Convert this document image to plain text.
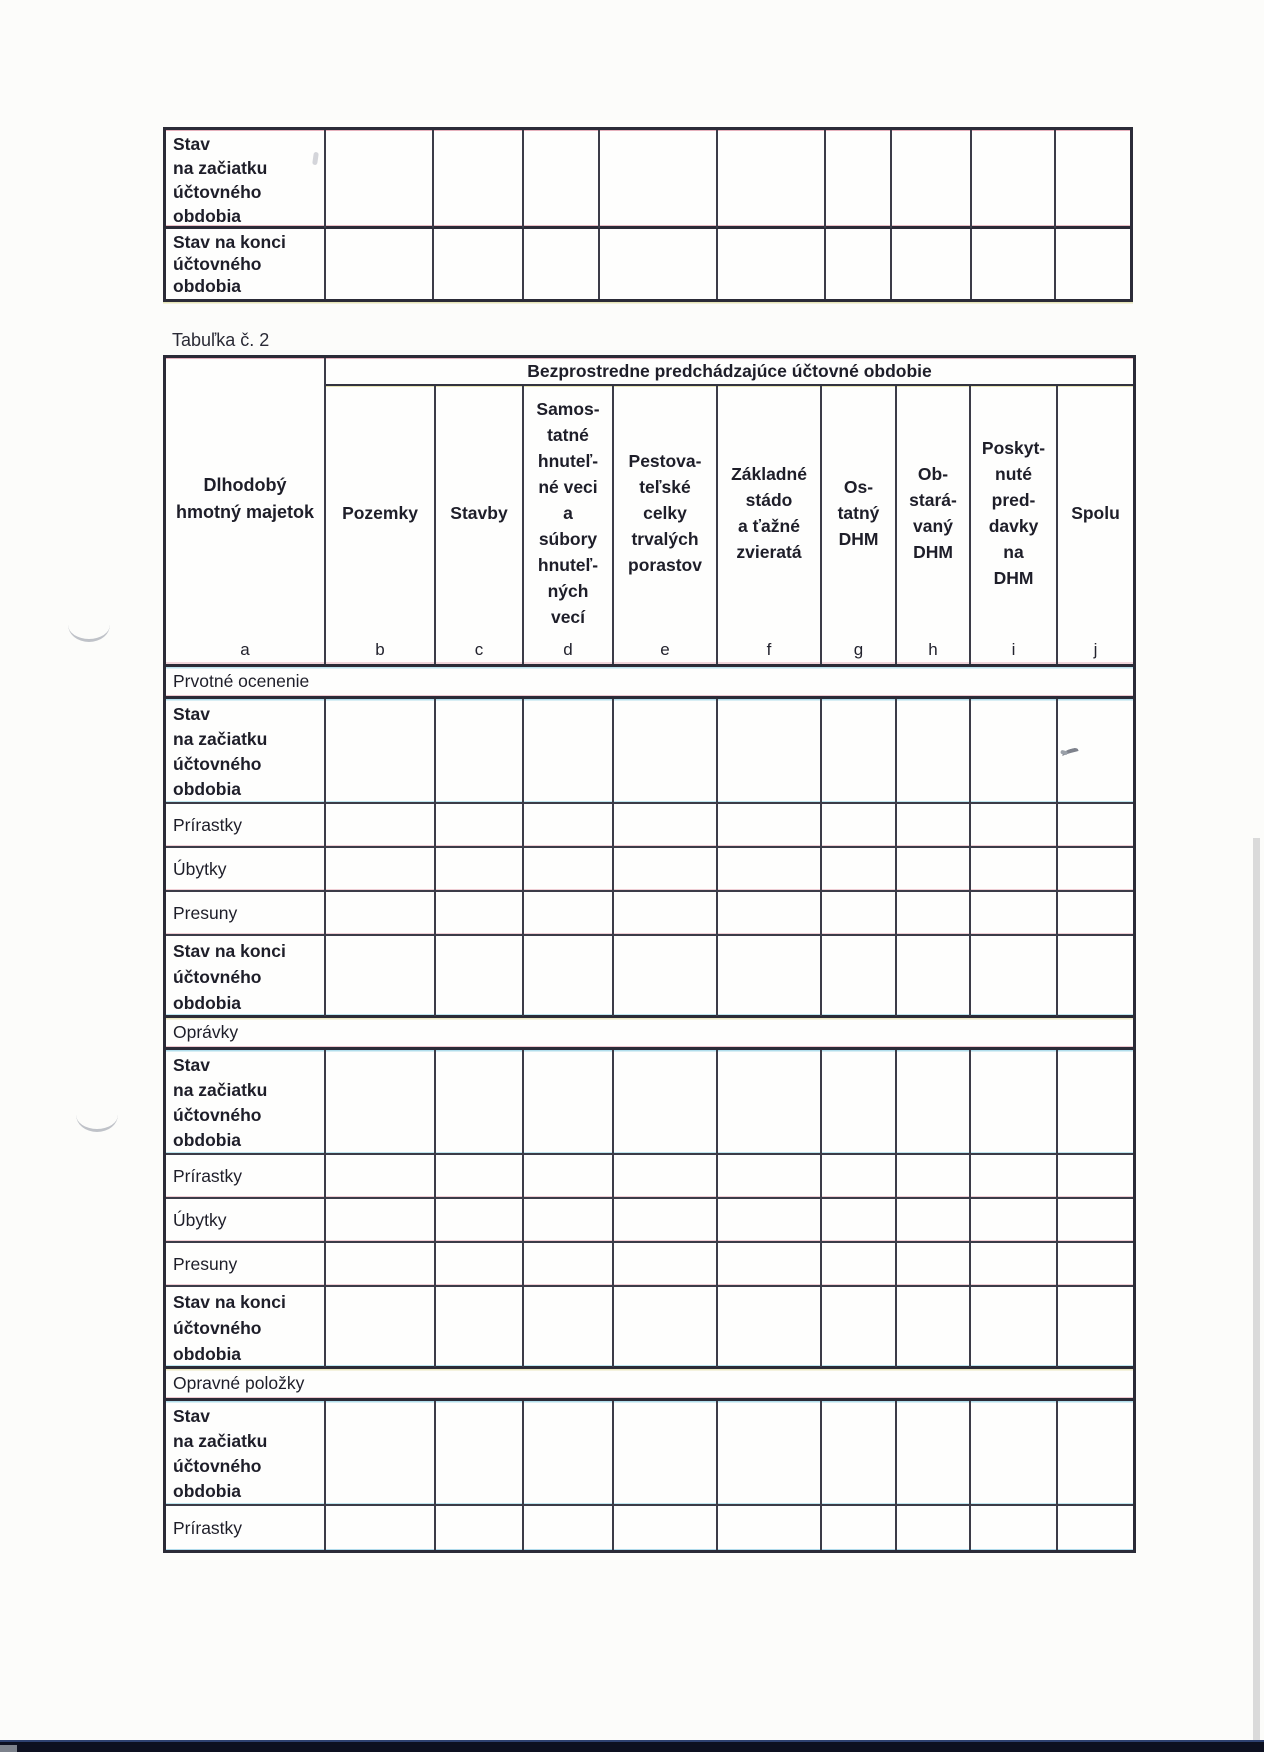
Stav
na začiatku
účtovného
obdobia
Stav na konci
účtovného
obdobia
Tabuľka č. 2
Dlhodobý
hmotný majetok
a
Bezprostredne predchádzajúce účtovné obdobie
Pozemky
b
Stavby
c
Samos-
tatné
hnuteľ-
né veci
a
súbory
hnuteľ-
ných
vecí
d
Pestova-
teľské
celky
trvalých
porastov
e
Základné
stádo
a ťažné
zvieratá
f
Os-
tatný
DHM
g
Ob-
stará-
vaný
DHM
h
Poskyt-
nuté
pred-
davky
na
DHM
i
Spolu
j
Prvotné ocenenie
Stav
na začiatku
účtovného
obdobia
Prírastky
Úbytky
Presuny
Stav na konci
účtovného
obdobia
Oprávky
Stav
na začiatku
účtovného
obdobia
Prírastky
Úbytky
Presuny
Stav na konci
účtovného
obdobia
Opravné položky
Stav
na začiatku
účtovného
obdobia
Prírastky
